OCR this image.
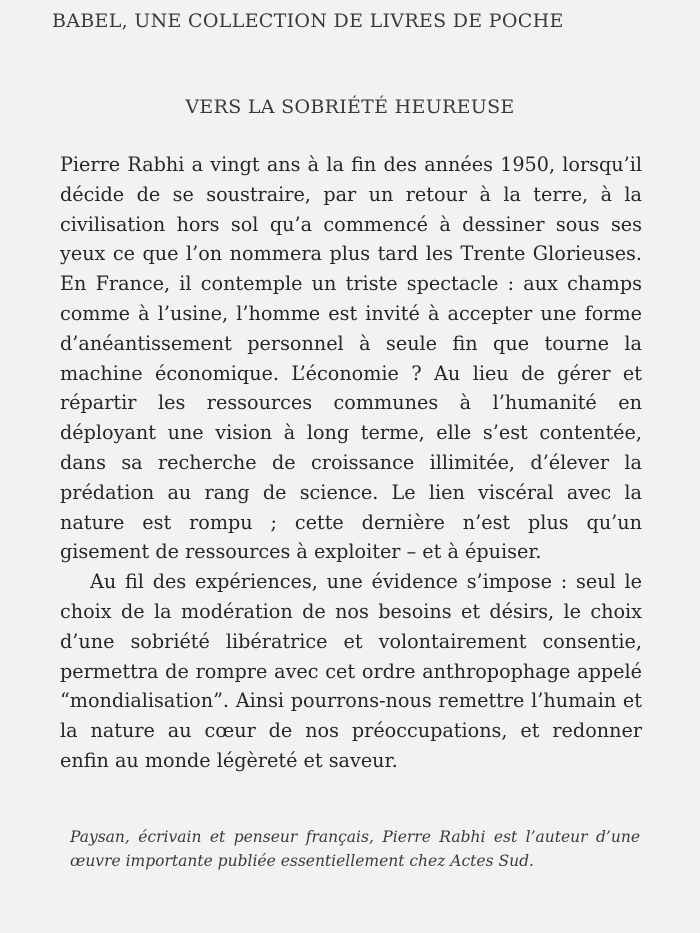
BABEL, UNE COLLECTION DE LIVRES DE POCHE
VERS LA SOBRIÉTÉ HEUREUSE

Pierre Rabhi a vingt ans à la fin des années 1950, lorsqu’il décide de se soustraire, par un retour à la terre, à la civilisation hors sol qu’a commencé à dessiner sous ses yeux ce que l’on nommera plus tard les Trente Glorieuses. En France, il contemple un triste spectacle : aux champs comme à l’usine, l’homme est invité à accepter une forme d’anéantissement personnel à seule fin que tourne la machine économique. L’économie ? Au lieu de gérer et répartir les ressources communes à l’humanité en déployant une vision à long terme, elle s’est contentée, dans sa recherche de croissance illimitée, d’élever la prédation au rang de science. Le lien viscéral avec la nature est rompu ; cette dernière n’est plus qu’un gisement de ressources à exploiter – et à épuiser.

Au fil des expériences, une évidence s’impose : seul le choix de la modération de nos besoins et désirs, le choix d’une sobriété libératrice et volontairement consentie, permettra de rompre avec cet ordre anthropophage appelé “mondialisation”. Ainsi pourrons-nous remettre l’humain et la nature au cœur de nos préoccupations, et redonner enfin au monde légèreté et saveur.

Paysan, écrivain et penseur français, Pierre Rabhi est l’auteur d’une œuvre importante publiée essentiellement chez Actes Sud.
